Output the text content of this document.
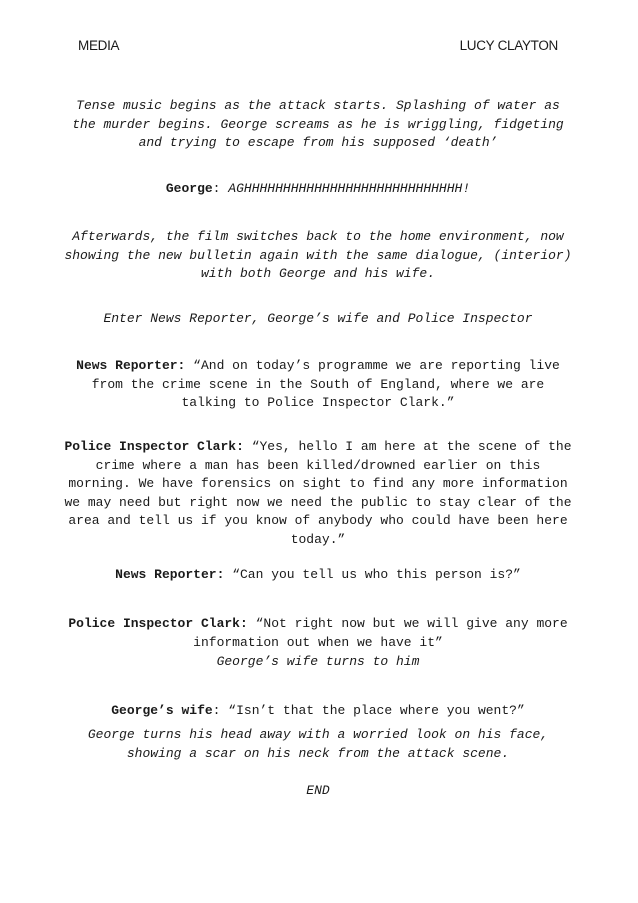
MEDIA	LUCY CLAYTON

Tense music begins as the attack starts. Splashing of water as the murder begins. George screams as he is wriggling, fidgeting and trying to escape from his supposed ‘death’

George: AGHHHHHHHHHHHHHHHHHHHHHHHHHHHH!

Afterwards, the film switches back to the home environment, now showing the new bulletin again with the same dialogue, (interior) with both George and his wife.

Enter News Reporter, George’s wife and Police Inspector

News Reporter: “And on today’s programme we are reporting live from the crime scene in the South of England, where we are talking to Police Inspector Clark.”

Police Inspector Clark: “Yes, hello I am here at the scene of the crime where a man has been killed/drowned earlier on this morning. We have forensics on sight to find any more information we may need but right now we need the public to stay clear of the area and tell us if you know of anybody who could have been here today.”

News Reporter: “Can you tell us who this person is?”

Police Inspector Clark: “Not right now but we will give any more information out when we have it”

George’s wife turns to him

George’s wife: “Isn’t that the place where you went?”

George turns his head away with a worried look on his face, showing a scar on his neck from the attack scene.

END
